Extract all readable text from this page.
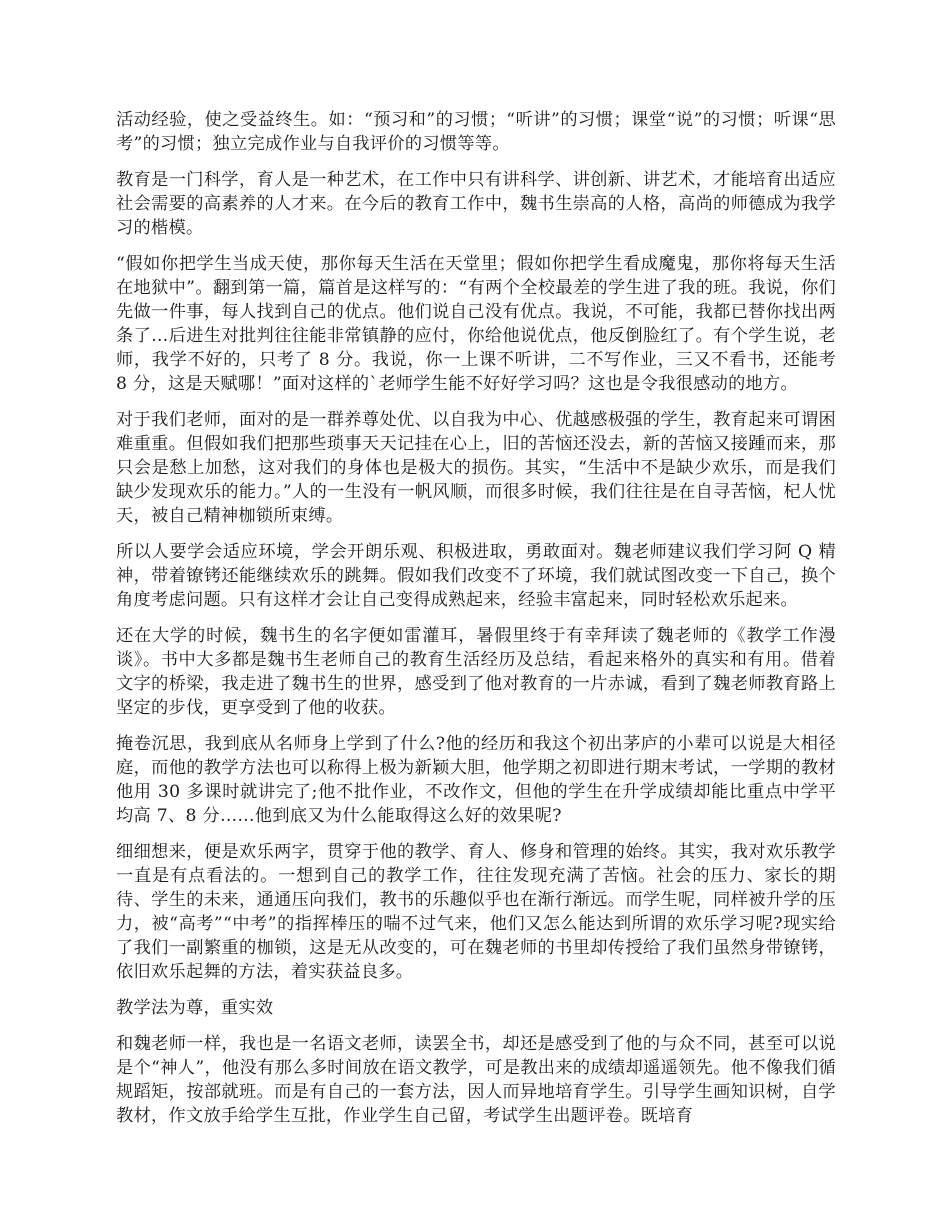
活动经验，使之受益终生。如：“预习和”的习惯；“听讲”的习惯；课堂“说”的习惯；听课“思考”的习惯；独立完成作业与自我评价的习惯等等。

教育是一门科学，育人是一种艺术，在工作中只有讲科学、讲创新、讲艺术，才能培育出适应社会需要的高素养的人才来。在今后的教育工作中，魏书生崇高的人格，高尚的师德成为我学习的楷模。

“假如你把学生当成天使，那你每天生活在天堂里；假如你把学生看成魔鬼，那你将每天生活在地狱中”。翻到第一篇，篇首是这样写的：“有两个全校最差的学生进了我的班。我说，你们先做一件事，每人找到自己的优点。他们说自己没有优点。我说，不可能，我都已替你找出两条了…后进生对批判往往能非常镇静的应付，你给他说优点，他反倒脸红了。有个学生说，老师，我学不好的，只考了 8 分。我说，你一上课不听讲，二不写作业，三又不看书，还能考 8 分，这是天赋哪！”面对这样的`老师学生能不好好学习吗？这也是令我很感动的地方。

对于我们老师，面对的是一群养尊处优、以自我为中心、优越感极强的学生，教育起来可谓困难重重。但假如我们把那些琐事天天记挂在心上，旧的苦恼还没去，新的苦恼又接踵而来，那只会是愁上加愁，这对我们的身体也是极大的损伤。其实，“生活中不是缺少欢乐，而是我们缺少发现欢乐的能力。”人的一生没有一帆风顺，而很多时候，我们往往是在自寻苦恼，杞人忧天，被自己精神枷锁所束缚。

所以人要学会适应环境，学会开朗乐观、积极进取，勇敢面对。魏老师建议我们学习阿 Q 精神，带着镣铐还能继续欢乐的跳舞。假如我们改变不了环境，我们就试图改变一下自己，换个角度考虑问题。只有这样才会让自己变得成熟起来，经验丰富起来，同时轻松欢乐起来。

还在大学的时候，魏书生的名字便如雷灌耳，暑假里终于有幸拜读了魏老师的《教学工作漫谈》。书中大多都是魏书生老师自己的教育生活经历及总结，看起来格外的真实和有用。借着文字的桥梁，我走进了魏书生的世界，感受到了他对教育的一片赤诚，看到了魏老师教育路上坚定的步伐，更享受到了他的收获。

掩卷沉思，我到底从名师身上学到了什么?他的经历和我这个初出茅庐的小辈可以说是大相径庭，而他的教学方法也可以称得上极为新颖大胆，他学期之初即进行期末考试，一学期的教材他用 30 多课时就讲完了;他不批作业，不改作文，但他的学生在升学成绩却能比重点中学平均高 7、8 分……他到底又为什么能取得这么好的效果呢?

细细想来，便是欢乐两字，贯穿于他的教学、育人、修身和管理的始终。其实，我对欢乐教学一直是有点看法的。一想到自己的教学工作，往往发现充满了苦恼。社会的压力、家长的期待、学生的未来，通通压向我们，教书的乐趣似乎也在渐行渐远。而学生呢，同样被升学的压力，被“高考”“中考”的指挥棒压的喘不过气来，他们又怎么能达到所谓的欢乐学习呢?现实给了我们一副繁重的枷锁，这是无从改变的，可在魏老师的书里却传授给了我们虽然身带镣铐，依旧欢乐起舞的方法，着实获益良多。

教学法为尊，重实效

和魏老师一样，我也是一名语文老师，读罢全书，却还是感受到了他的与众不同，甚至可以说是个“神人”，他没有那么多时间放在语文教学，可是教出来的成绩却遥遥领先。他不像我们循规蹈矩，按部就班。而是有自己的一套方法，因人而异地培育学生。引导学生画知识树，自学教材，作文放手给学生互批，作业学生自己留，考试学生出题评卷。既培育
